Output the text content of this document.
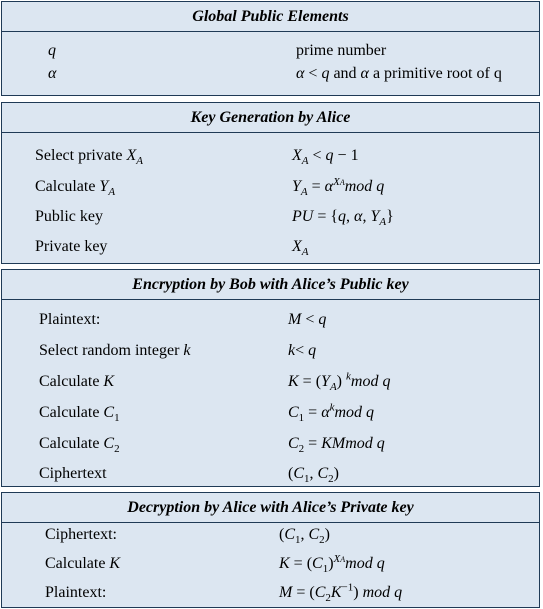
Global Public Elements
q	prime number
α	α < q and α a primitive root of q
Key Generation by Alice
Select private $X_A$	$X_A < q - 1$
Calculate $Y_A$	$Y_A = \alpha^{XA}mod$ q
Public key	PU = {q, α, $Y_A$}
Private key	$X_A$
Encryption by Bob with Alice’s Public key
Plaintext:	M < q
Select random integer k	k< q
Calculate K	$K = (Y_A)$ $^k$mod q
Calculate $C_1$	$C_1 = \alpha^kmod$ q
Calculate $C_2$	$C_2$ = KMmod q
Ciphertext	($C_1$, $C_2$)
Decryption by Alice with Alice’s Private key
Ciphertext:	($C_1$, $C_2$)
Calculate K	$K = (C_1)^{XA}mod$ q
Plaintext:	$M = (C_2K^{-1})$ mod q
